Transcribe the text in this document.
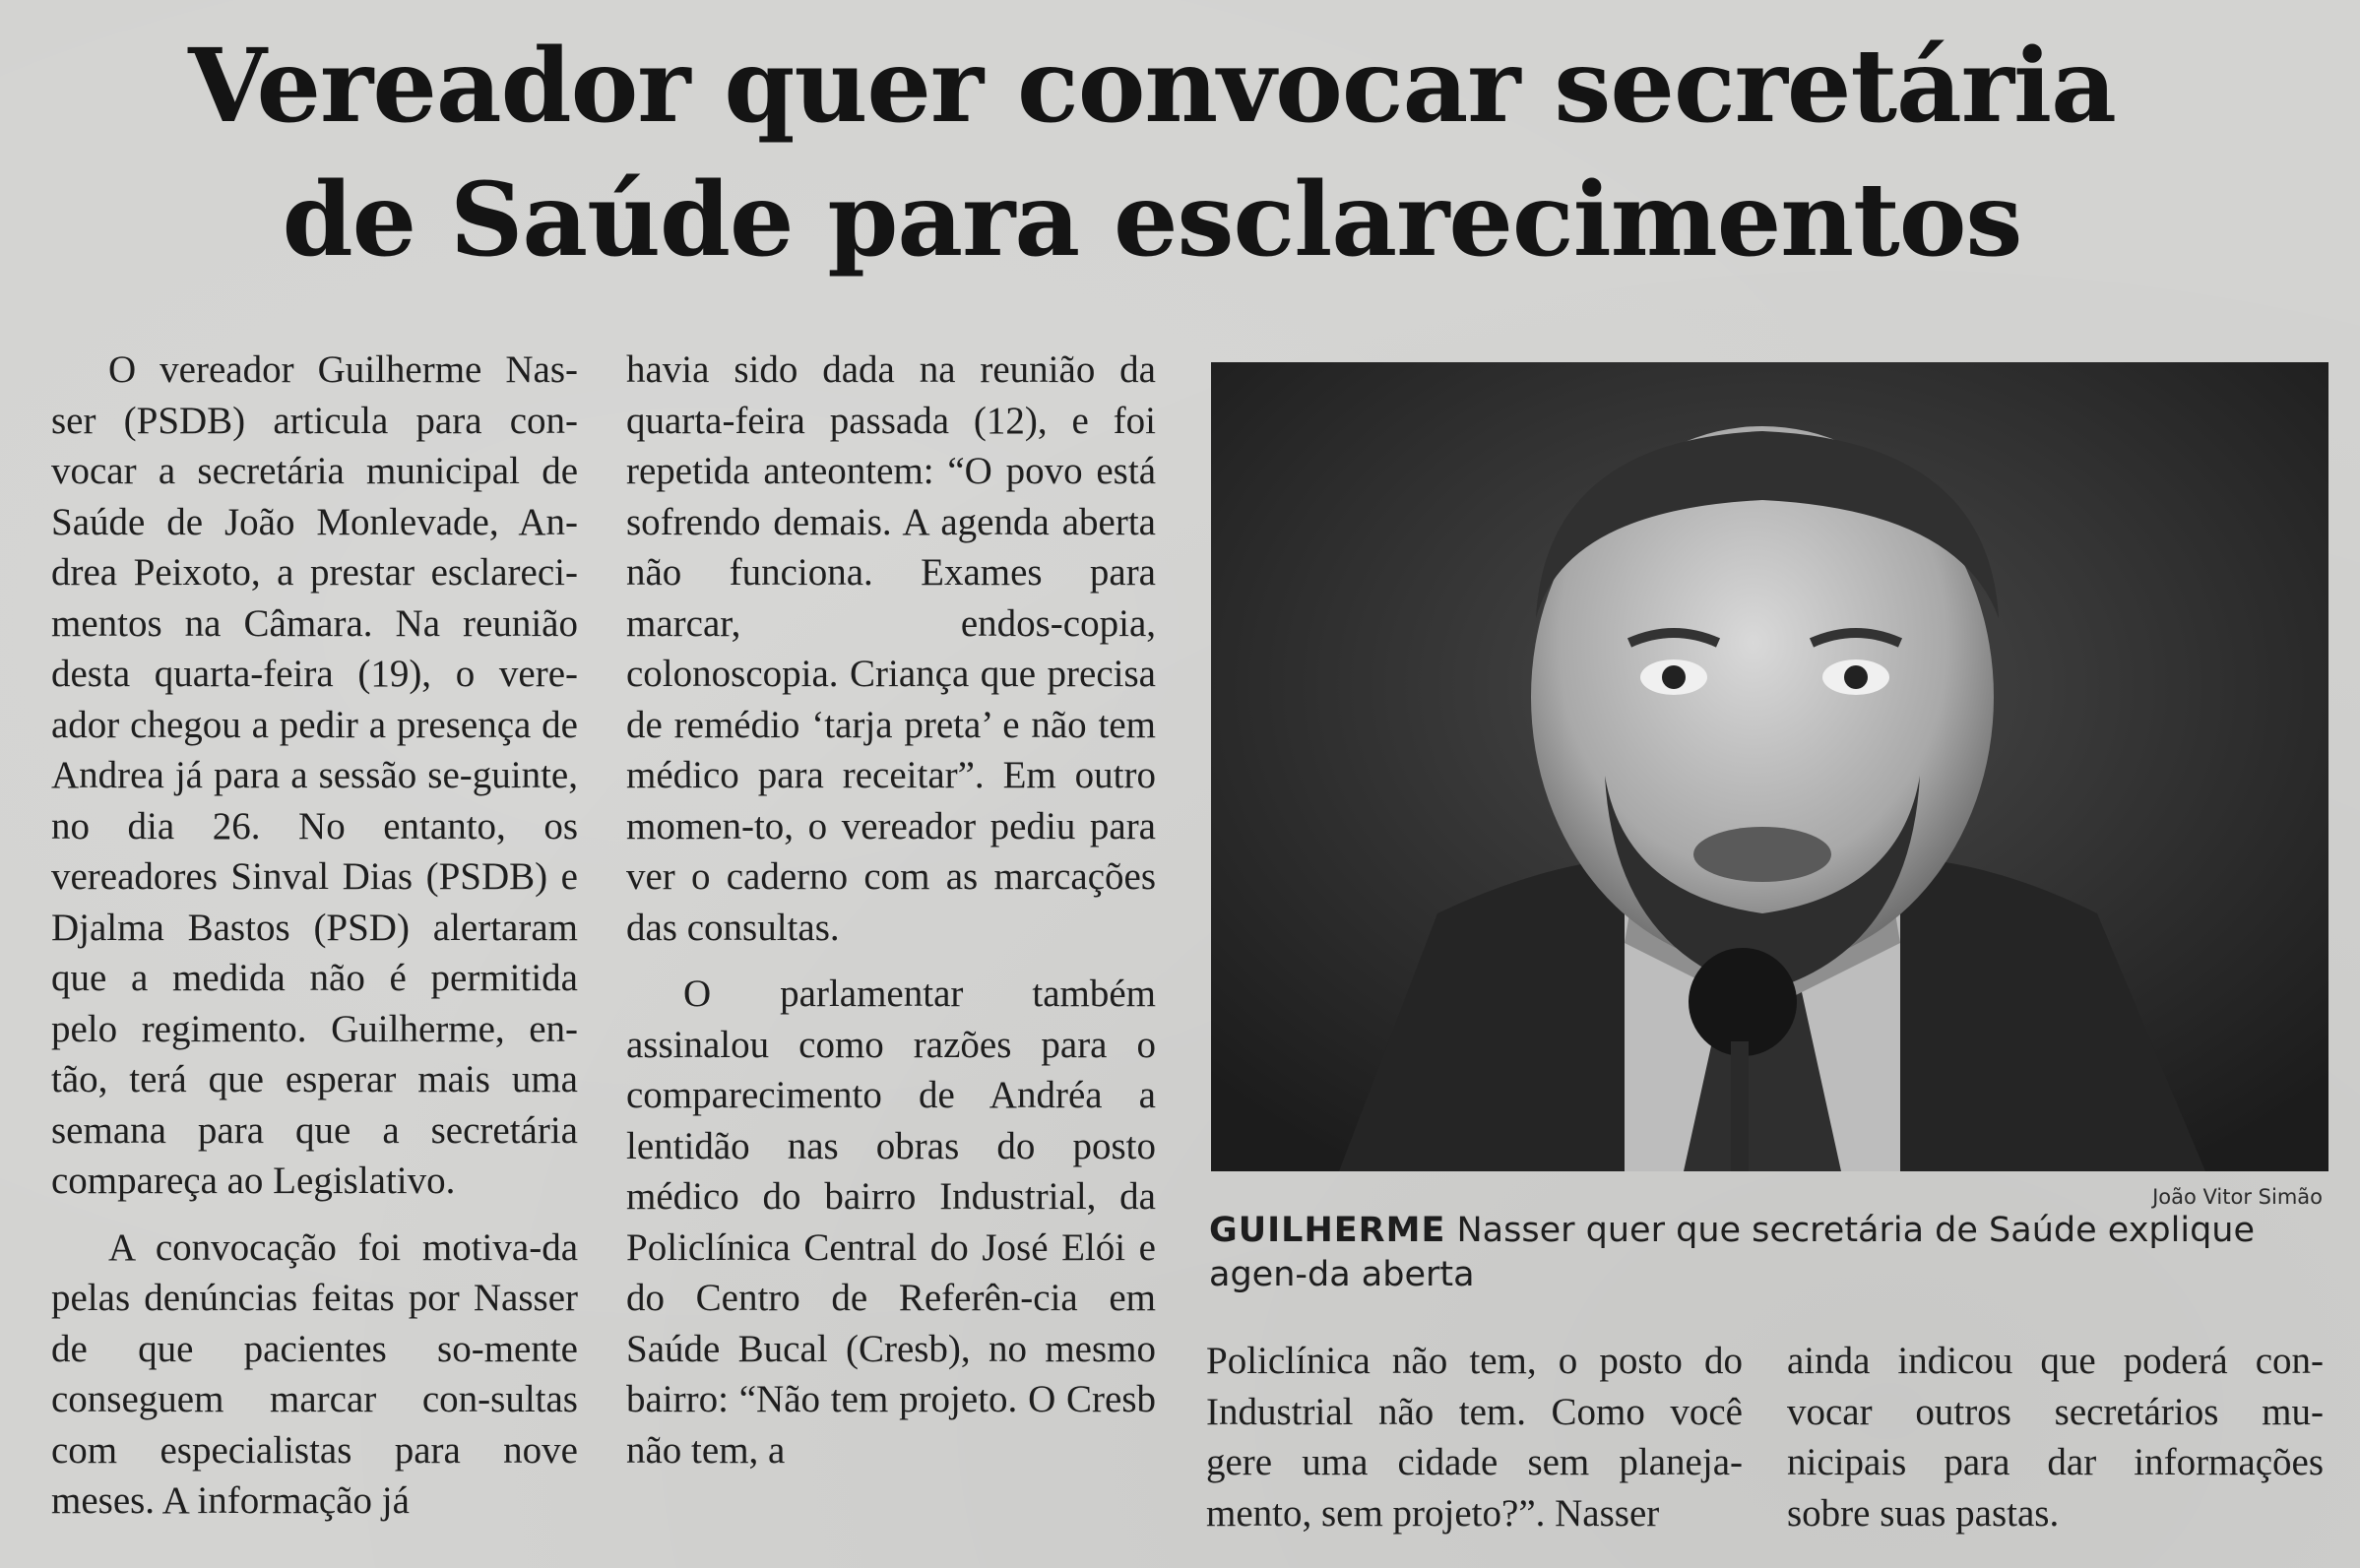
Vereador quer convocar secretária
de Saúde para esclarecimentos

O vereador Guilherme Nas-ser (PSDB) articula para con-vocar a secretária municipal de Saúde de João Monlevade, An-drea Peixoto, a prestar esclareci-mentos na Câmara. Na reunião desta quarta-feira (19), o vere-ador chegou a pedir a presença de Andrea já para a sessão se-guinte, no dia 26. No entanto, os vereadores Sinval Dias (PSDB) e Djalma Bastos (PSD) alertaram que a medida não é permitida pelo regimento. Guilherme, en-tão, terá que esperar mais uma semana para que a secretária compareça ao Legislativo.

A convocação foi motiva-da pelas denúncias feitas por Nasser de que pacientes so-mente conseguem marcar con-sultas com especialistas para nove meses. A informação já

havia sido dada na reunião da quarta-feira passada (12), e foi repetida anteontem: “O povo está sofrendo demais. A agenda aberta não funciona. Exames para marcar, endos-copia, colonoscopia. Criança que precisa de remédio ‘tarja preta’ e não tem médico para receitar”. Em outro momen-to, o vereador pediu para ver o caderno com as marcações das consultas.

O parlamentar também assinalou como razões para o comparecimento de Andréa a lentidão nas obras do posto médico do bairro Industrial, da Policlínica Central do José Elói e do Centro de Referên-cia em Saúde Bucal (Cresb), no mesmo bairro: “Não tem projeto. O Cresb não tem, a

João Vitor Simão
GUILHERME Nasser quer que secretária de Saúde explique agen-da aberta

Policlínica não tem, o posto do Industrial não tem. Como você gere uma cidade sem planeja-mento, sem projeto?”. Nasser

ainda indicou que poderá con-vocar outros secretários mu-nicipais para dar informações sobre suas pastas.
